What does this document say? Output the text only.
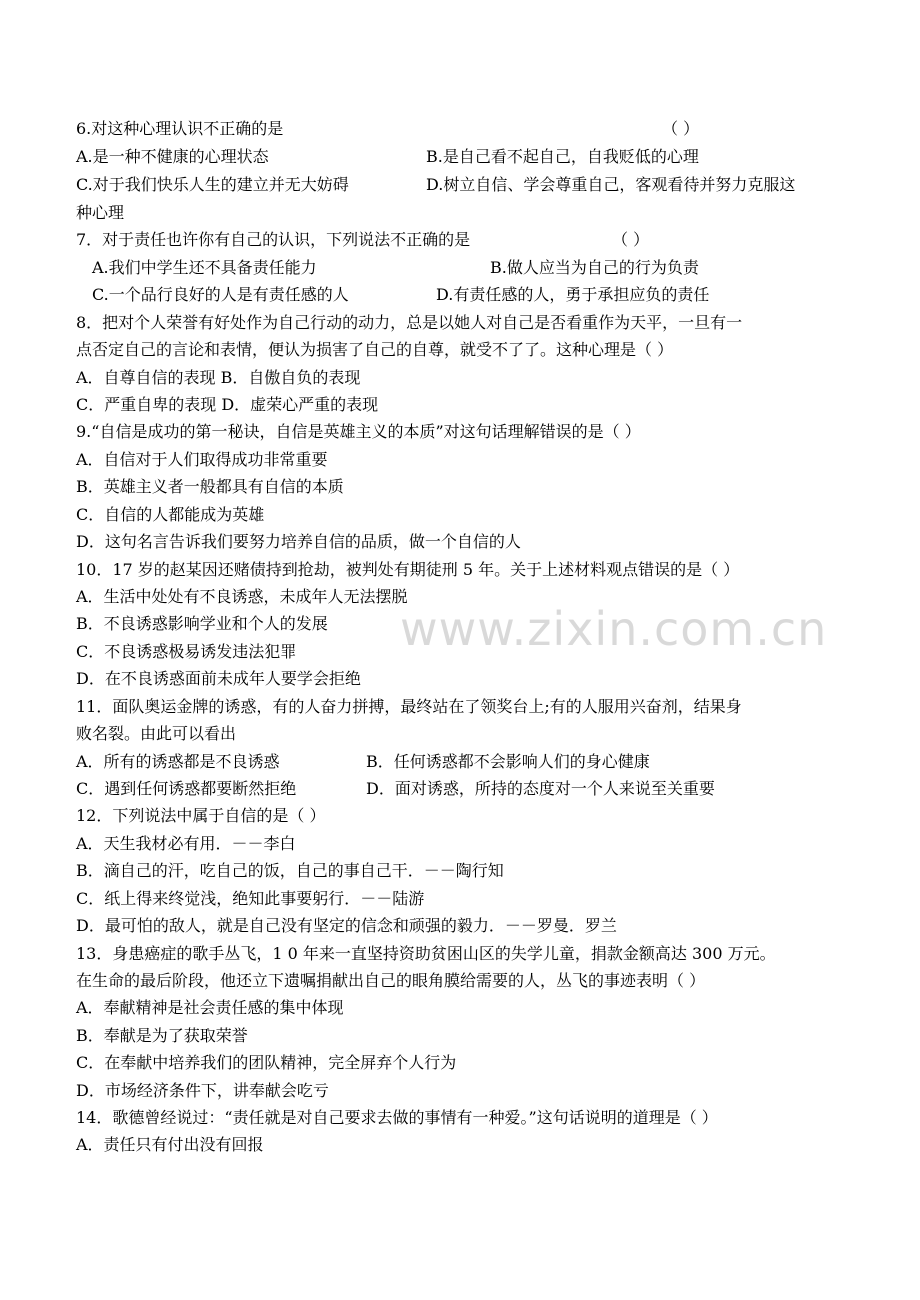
www.zixin.com.cn
6.对这种心理认识不正确的是	（ ）
A.是一种不健康的心理状态	B.是自己看不起自己，自我贬低的心理
C.对于我们快乐人生的建立并无大妨碍	D.树立自信、学会尊重自己，客观看待并努力克服这
种心理
7．对于责任也许你有自己的认识，下列说法不正确的是	（ ）
A.我们中学生还不具备责任能力	B.做人应当为自己的行为负责
C.一个品行良好的人是有责任感的人	D.有责任感的人，勇于承担应负的责任
8．把对个人荣誉有好处作为自己行动的动力，总是以她人对自己是否看重作为天平，一旦有一
点否定自己的言论和表情，便认为损害了自己的自尊，就受不了了。这种心理是（ ）
A．自尊自信的表现 B．自傲自负的表现
C．严重自卑的表现 D．虚荣心严重的表现
9.“自信是成功的第一秘诀，自信是英雄主义的本质”对这句话理解错误的是（ ）
A．自信对于人们取得成功非常重要
B．英雄主义者一般都具有自信的本质
C．自信的人都能成为英雄
D．这句名言告诉我们要努力培养自信的品质，做一个自信的人
10．17 岁的赵某因还赌债持到抢劫，被判处有期徒刑 5 年。关于上述材料观点错误的是（ ）
A．生活中处处有不良诱惑，未成年人无法摆脱
B．不良诱惑影响学业和个人的发展
C．不良诱惑极易诱发违法犯罪
D．在不良诱惑面前未成年人要学会拒绝
11．面队奥运金牌的诱惑，有的人奋力拼搏，最终站在了领奖台上;有的人服用兴奋剂，结果身
败名裂。由此可以看出
A．所有的诱惑都是不良诱惑	B．任何诱惑都不会影响人们的身心健康
C．遇到任何诱惑都要断然拒绝	D．面对诱惑，所持的态度对一个人来说至关重要
12．下列说法中属于自信的是（ ）
A．天生我材必有用．－－李白
B．滴自己的汗，吃自己的饭，自己的事自己干．－－陶行知
C．纸上得来终觉浅，绝知此事要躬行．－－陆游
D．最可怕的敌人，就是自己没有坚定的信念和顽强的毅力．－－罗曼．罗兰
13．身患癌症的歌手丛飞，1 0 年来一直坚持资助贫困山区的失学儿童，捐款金额高达 300 万元。
在生命的最后阶段，他还立下遗嘱捐献出自己的眼角膜给需要的人，丛飞的事迹表明（ ）
A．奉献精神是社会责任感的集中体现
B．奉献是为了获取荣誉
C．在奉献中培养我们的团队精神，完全屏弃个人行为
D．市场经济条件下，讲奉献会吃亏
14．歌德曾经说过：“责任就是对自己要求去做的事情有一种爱。”这句话说明的道理是（ ）
A．责任只有付出没有回报
